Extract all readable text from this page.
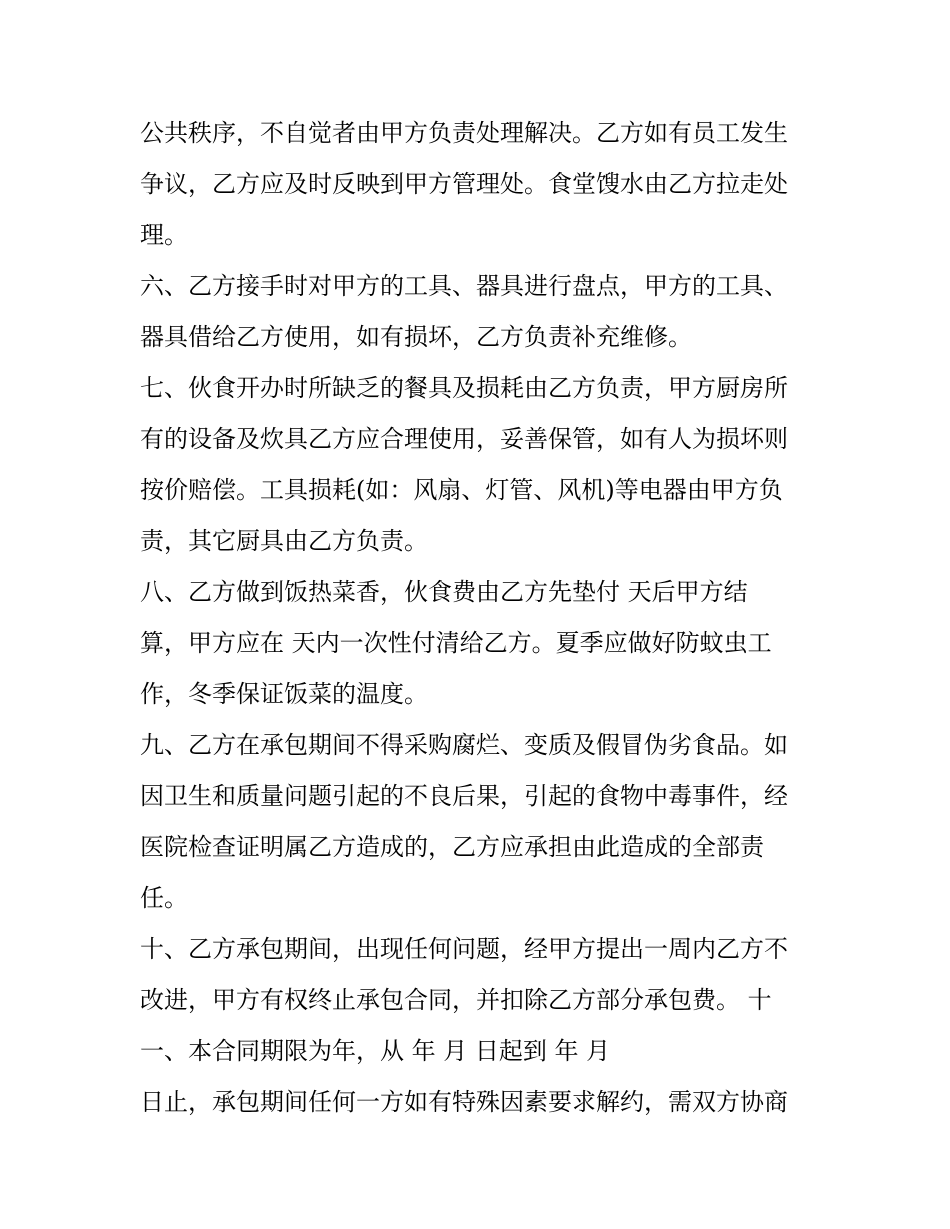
公共秩序，不自觉者由甲方负责处理解决。乙方如有员工发生
争议，乙方应及时反映到甲方管理处。食堂馊水由乙方拉走处
理。
六、乙方接手时对甲方的工具、器具进行盘点，甲方的工具、
器具借给乙方使用，如有损坏，乙方负责补充维修。
七、伙食开办时所缺乏的餐具及损耗由乙方负责，甲方厨房所
有的设备及炊具乙方应合理使用，妥善保管，如有人为损坏则
按价赔偿。工具损耗(如：风扇、灯管、风机)等电器由甲方负
责，其它厨具由乙方负责。
八、乙方做到饭热菜香，伙食费由乙方先垫付 天后甲方结
算，甲方应在 天内一次性付清给乙方。夏季应做好防蚊虫工
作，冬季保证饭菜的温度。
九、乙方在承包期间不得采购腐烂、变质及假冒伪劣食品。如
因卫生和质量问题引起的不良后果，引起的食物中毒事件，经
医院检查证明属乙方造成的，乙方应承担由此造成的全部责
任。
十、乙方承包期间，出现任何问题，经甲方提出一周内乙方不
改进，甲方有权终止承包合同，并扣除乙方部分承包费。 十
一、本合同期限为年，从 年 月 日起到 年 月
日止，承包期间任何一方如有特殊因素要求解约，需双方协商
